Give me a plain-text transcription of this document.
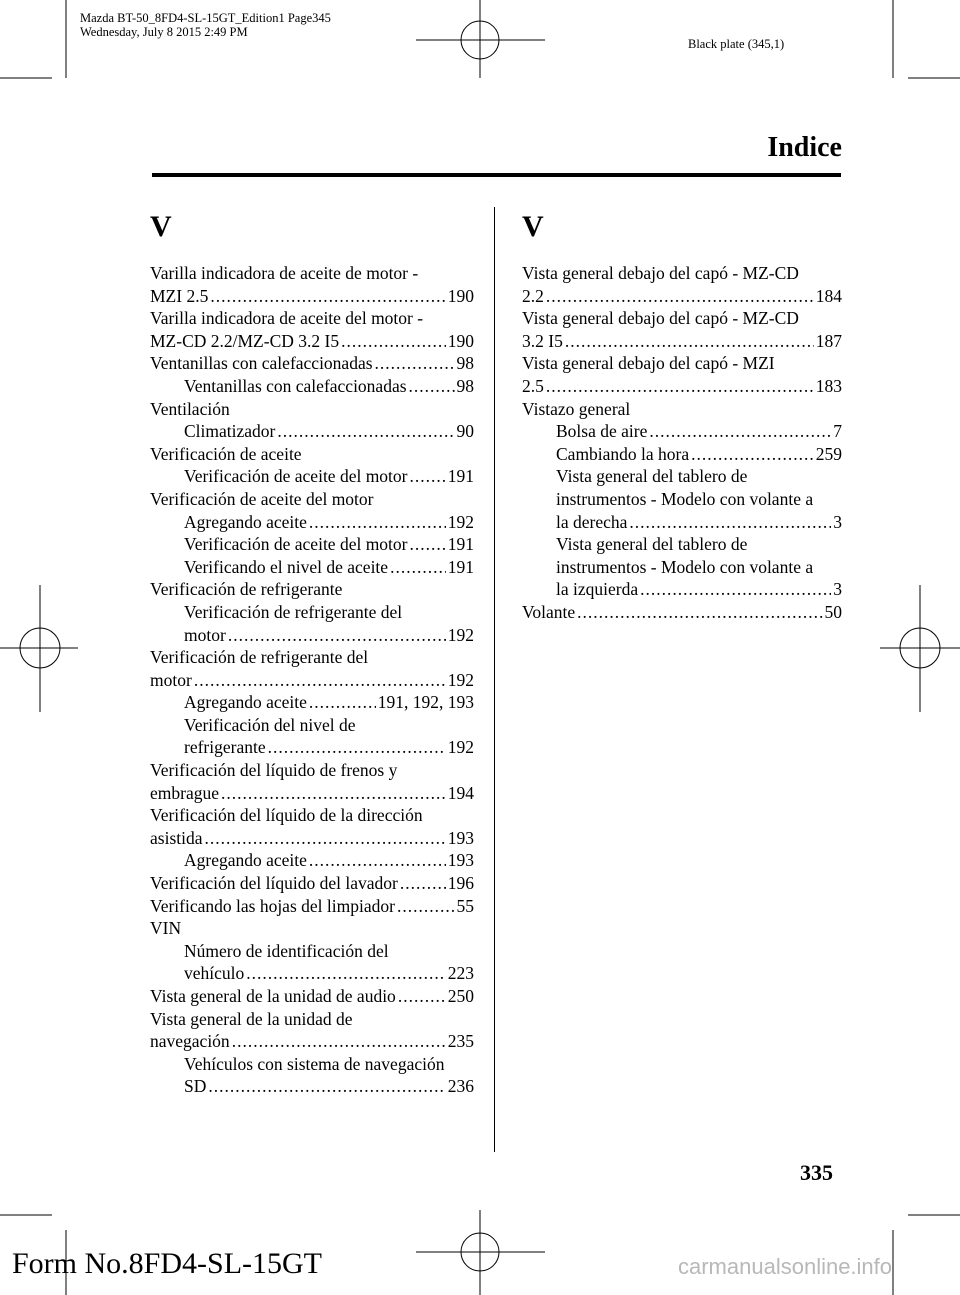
Mazda BT-50_8FD4-SL-15GT_Edition1 Page345
Wednesday, July 8 2015 2:49 PM
Black plate (345,1)
Indice
V	V
Varilla indicadora de aceite de motor -
MZI 2.5 .....	190
Varilla indicadora de aceite del motor -
MZ-CD 2.2/MZ-CD 3.2 I5 .....	190
Ventanillas con calefaccionadas .....	98
Ventanillas con calefaccionadas .....	98
Ventilación
Climatizador .....	90
Verificación de aceite
Verificación de aceite del motor ..... 191
Verificación de aceite del motor
Agregando aceite .....	192
Verificación de aceite del motor ..... 191
Verificando el nivel de aceite .....	191
Verificación de refrigerante
Verificación de refrigerante del
motor .....	192
Verificación de refrigerante del
motor .....	192
Agregando aceite .....	191, 192, 193
Verificación del nivel de
refrigerante .....	192
Verificación del líquido de frenos y
embrague .....	194
Verificación del líquido de la dirección
asistida .....	193
Agregando aceite .....	193
Verificación del líquido del lavador .....	196
Verificando las hojas del limpiador .....	55
VIN
Número de identificación del
vehículo .....	223
Vista general de la unidad de audio .....	250
Vista general de la unidad de
navegación .....	235
Vehículos con sistema de navegación
SD .....	236
Vista general debajo del capó - MZ-CD
2.2 .....	184
Vista general debajo del capó - MZ-CD
3.2 I5 .....	187
Vista general debajo del capó - MZI
2.5 .....	183
Vistazo general
Bolsa de aire .....	7
Cambiando la hora .....	259
Vista general del tablero de
instrumentos - Modelo con volante a
la derecha .....	3
Vista general del tablero de
instrumentos - Modelo con volante a
la izquierda .....	3
Volante .....	50
335
Form No.8FD4-SL-15GT	carmanualsonline.info
